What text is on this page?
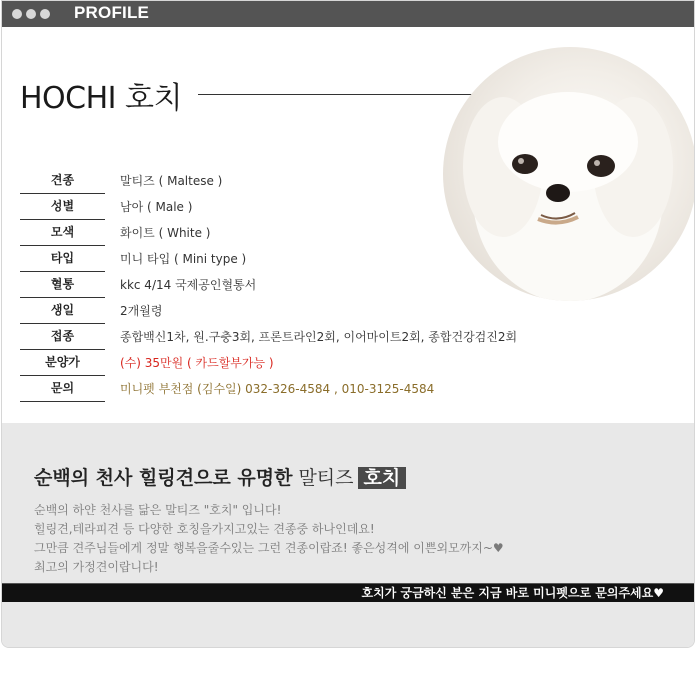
PROFILE
HOCHI 호치
견종	말티즈 ( Maltese )
성별	남아 ( Male )
모색	화이트 ( White )
타입	미니 타입 ( Mini type )
혈통	kkc 4/14 국제공인혈통서
생일	2개월령
접종	종합백신1차, 원.구충3회, 프론트라인2회, 이어마이트2회, 종합건강검진2회
분양가	(수) 35만원 ( 카드할부가능 )
문의	미니펫 부천점 (김수일) 032-326-4584 , 010-3125-4584
순백의 천사 힐링견으로 유명한 말티즈 호치
순백의 하얀 천사를 닮은 말티즈 "호치" 입니다!
힐링견,테라피견 등 다양한 호칭을가지고있는 견종중 하나인데요!
그만큼 견주님들에게 정말 행복을줄수있는 그런 견종이랍죠! 좋은성격에 이쁜외모까지~♥
최고의 가정견이랍니다!
호치가 궁금하신 분은 지금 바로 미니펫으로 문의주세요♥
